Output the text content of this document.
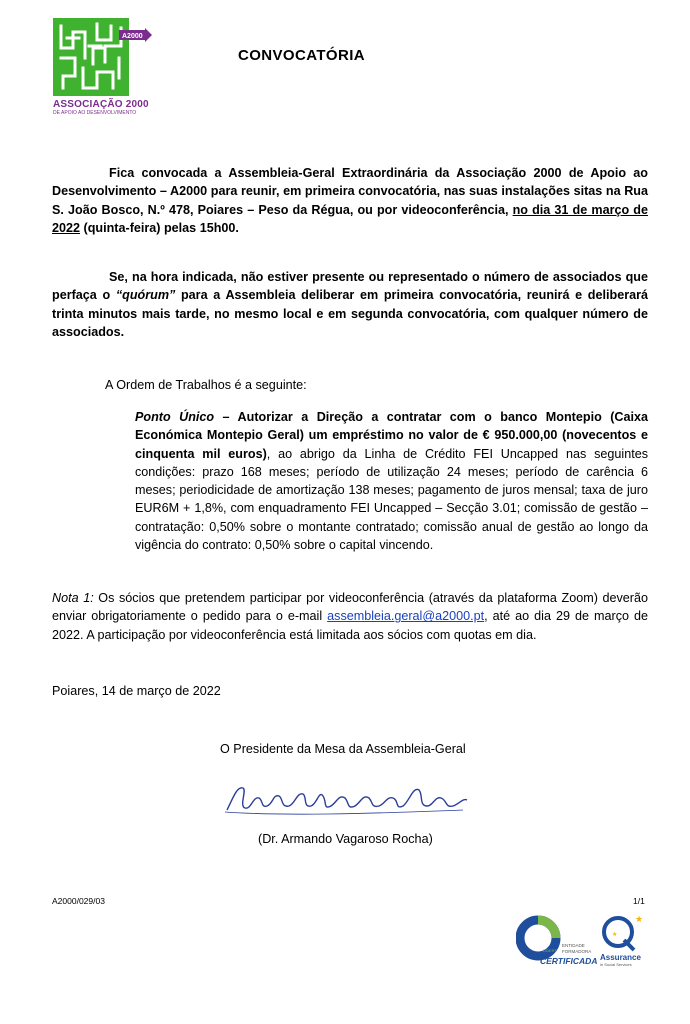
A2000
ASSOCIAÇÃO 2000
DE APOIO AO DESENVOLVIMENTO
CONVOCATÓRIA
Fica convocada a Assembleia-Geral Extraordinária da Associação 2000 de Apoio ao Desenvolvimento – A2000 para reunir, em primeira convocatória, nas suas instalações sitas na Rua S. João Bosco, N.º 478, Poiares – Peso da Régua, ou por videoconferência, no dia 31 de março de 2022 (quinta-feira) pelas 15h00.
Se, na hora indicada, não estiver presente ou representado o número de associados que perfaça o “quórum” para a Assembleia deliberar em primeira convocatória, reunirá e deliberará trinta minutos mais tarde, no mesmo local e em segunda convocatória, com qualquer número de associados.
A Ordem de Trabalhos é a seguinte:
Ponto Único – Autorizar a Direção a contratar com o banco Montepio (Caixa Económica Montepio Geral) um empréstimo no valor de € 950.000,00 (novecentos e cinquenta mil euros), ao abrigo da Linha de Crédito FEI Uncapped nas seguintes condições: prazo 168 meses; período de utilização 24 meses; período de carência 6 meses; periodicidade de amortização 138 meses; pagamento de juros mensal; taxa de juro EUR6M + 1,8%, com enquadramento FEI Uncapped – Secção 3.01; comissão de gestão – contratação: 0,50% sobre o montante contratado; comissão anual de gestão ao longo da vigência do contrato: 0,50% sobre o capital vincendo.
Nota 1: Os sócios que pretendem participar por videoconferência (através da plataforma Zoom) deverão enviar obrigatoriamente o pedido para o e-mail assembleia.geral@a2000.pt, até ao dia 29 de março de 2022. A participação por videoconferência está limitada aos sócios com quotas em dia.
Poiares, 14 de março de 2022
O Presidente da Mesa da Assembleia-Geral
(Dr. Armando Vagaroso Rocha)
A2000/029/03	1/1
DGERT
ENTIDADE
FORMADORA
CERTIFICADA
★
★
Assurance
in Social Services
